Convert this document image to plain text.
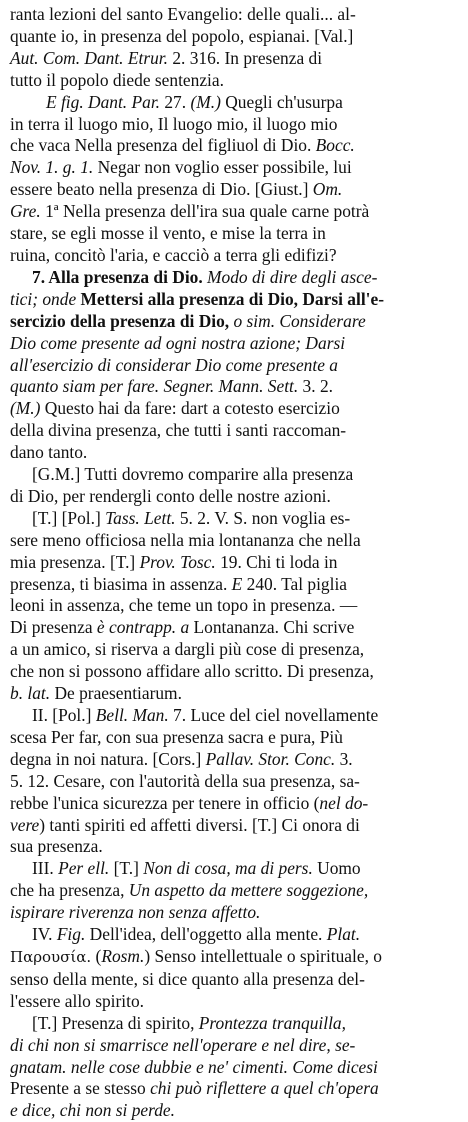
ranta lezioni del santo Evangelio: delle quali... al-
quante io, in presenza del popolo, espianai. [Val.]
Aut. Com. Dant. Etrur. 2. 316. In presenza di
tutto il popolo diede sentenzia.
E fig. Dant. Par. 27. (M.) Quegli ch'usurpa
in terra il luogo mio, Il luogo mio, il luogo mio
che vaca Nella presenza del figliuol di Dio. Bocc.
Nov. 1. g. 1. Negar non voglio esser possibile, lui
essere beato nella presenza di Dio. [Giust.] Om.
Gre. 1ª Nella presenza dell'ira sua quale carne potrà
stare, se egli mosse il vento, e mise la terra in
ruina, concitò l'aria, e cacciò a terra gli edifizi?
7. Alla presenza di Dio. Modo di dire degli asce-
tici; onde Mettersi alla presenza di Dio, Darsi all'e-
sercizio della presenza di Dio, o sim. Considerare
Dio come presente ad ogni nostra azione; Darsi
all'esercizio di considerar Dio come presente a
quanto siam per fare. Segner. Mann. Sett. 3. 2.
(M.) Questo hai da fare: dart a cotesto esercizio
della divina presenza, che tutti i santi raccoman-
dano tanto.
[G.M.] Tutti dovremo comparire alla presenza
di Dio, per rendergli conto delle nostre azioni.
[T.] [Pol.] Tass. Lett. 5. 2. V. S. non voglia es-
sere meno officiosa nella mia lontananza che nella
mia presenza. [T.] Prov. Tosc. 19. Chi ti loda in
presenza, ti biasima in assenza. E 240. Tal piglia
leoni in assenza, che teme un topo in presenza. —
Di presenza è contrapp. a Lontananza. Chi scrive
a un amico, si riserva a dargli più cose di presenza,
che non si possono affidare allo scritto. Di presenza,
b. lat. De praesentiarum.
II. [Pol.] Bell. Man. 7. Luce del ciel novellamente
scesa Per far, con sua presenza sacra e pura, Più
degna in noi natura. [Cors.] Pallav. Stor. Conc. 3.
5. 12. Cesare, con l'autorità della sua presenza, sa-
rebbe l'unica sicurezza per tenere in officio (nel do-
vere) tanti spiriti ed affetti diversi. [T.] Ci onora di
sua presenza.
III. Per ell. [T.] Non di cosa, ma di pers. Uomo
che ha presenza, Un aspetto da mettere soggezione,
ispirare riverenza non senza affetto.
IV. Fig. Dell'idea, dell'oggetto alla mente. Plat.
Παρουσία. (Rosm.) Senso intellettuale o spirituale, o
senso della mente, si dice quanto alla presenza del-
l'essere allo spirito.
[T.] Presenza di spirito, Prontezza tranquilla,
di chi non si smarrisce nell'operare e nel dire, se-
gnatam. nelle cose dubbie e ne' cimenti. Come dicesi
Presente a se stesso chi può riflettere a quel ch'opera
e dice, chi non si perde.
